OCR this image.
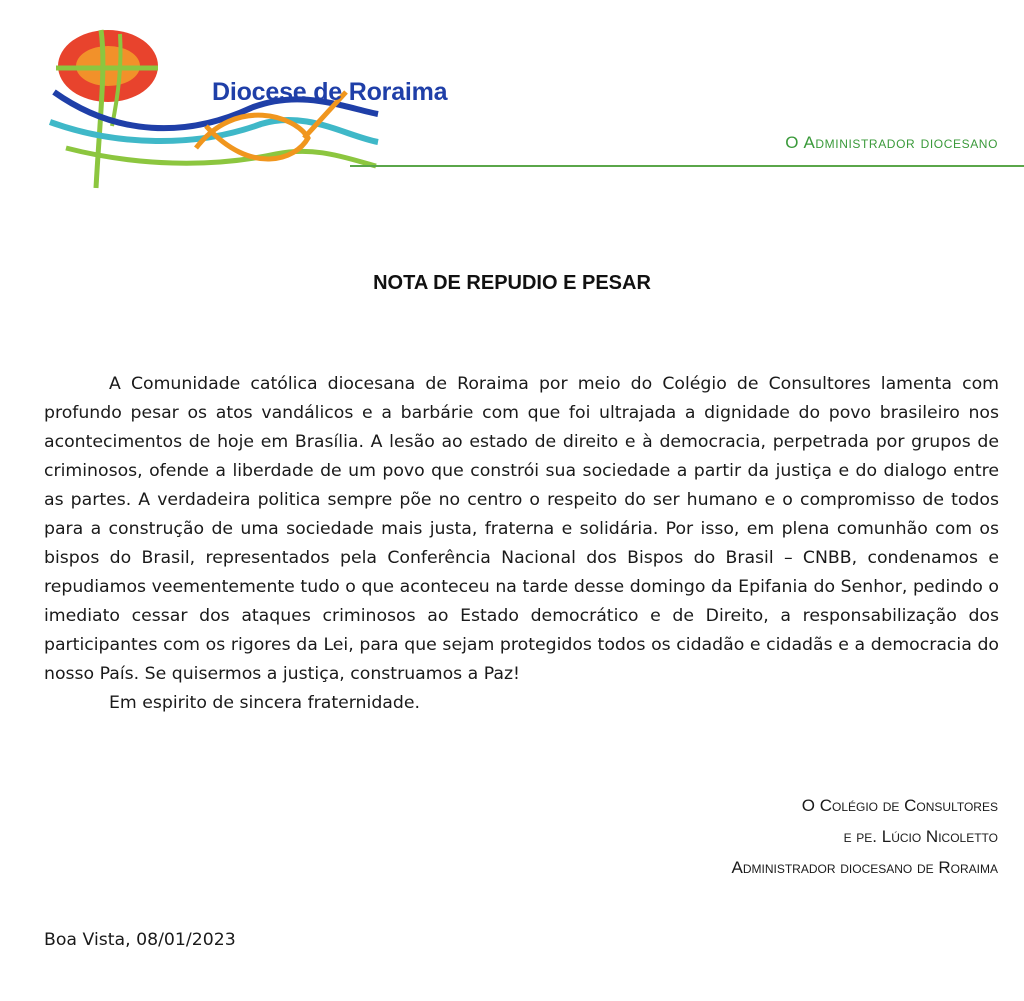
Diocese de Roraima
O Administrador diocesano
NOTA DE REPUDIO E PESAR

A Comunidade católica diocesana de Roraima por meio do Colégio de Consultores lamenta com profundo pesar os atos vandálicos e a barbárie com que foi ultrajada a dignidade do povo brasileiro nos acontecimentos de hoje em Brasília. A lesão ao estado de direito e à democracia, perpetrada por grupos de criminosos, ofende a liberdade de um povo que constrói sua sociedade a partir da justiça e do dialogo entre as partes. A verdadeira politica sempre põe no centro o respeito do ser humano e o compromisso de todos para a construção de uma sociedade mais justa, fraterna e solidária. Por isso, em plena comunhão com os bispos do Brasil, representados pela Conferência Nacional dos Bispos do Brasil – CNBB, condenamos e repudiamos veementemente tudo o que aconteceu na tarde desse domingo da Epifania do Senhor, pedindo o imediato cessar dos ataques criminosos ao Estado democrático e de Direito, a responsabilização dos participantes com os rigores da Lei, para que sejam protegidos todos os cidadão e cidadãs e a democracia do nosso País. Se quisermos a justiça, construamos a Paz!

Em espirito de sincera fraternidade.

O Colégio de Consultores
e pe. Lúcio Nicoletto
Administrador diocesano de Roraima
Boa Vista, 08/01/2023
